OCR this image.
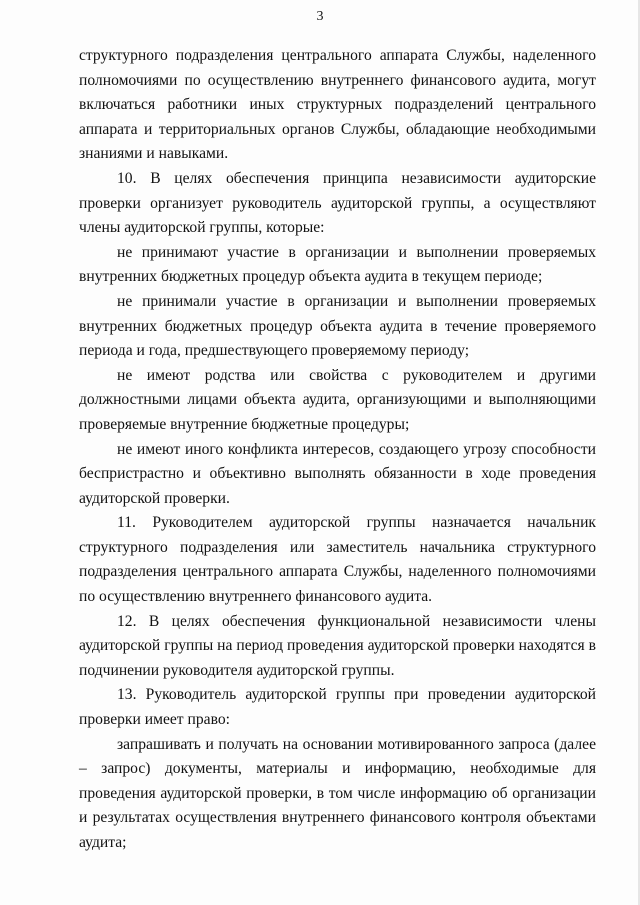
3

структурного подразделения центрального аппарата Службы, наделенного полномочиями по осуществлению внутреннего финансового аудита, могут включаться работники иных структурных подразделений центрального аппарата и территориальных органов Службы, обладающие необходимыми знаниями и навыками.

10. В целях обеспечения принципа независимости аудиторские проверки организует руководитель аудиторской группы, а осуществляют члены аудиторской группы, которые:

не принимают участие в организации и выполнении проверяемых внутренних бюджетных процедур объекта аудита в текущем периоде;

не принимали участие в организации и выполнении проверяемых внутренних бюджетных процедур объекта аудита в течение проверяемого периода и года, предшествующего проверяемому периоду;

не имеют родства или свойства с руководителем и другими должностными лицами объекта аудита, организующими и выполняющими проверяемые внутренние бюджетные процедуры;

не имеют иного конфликта интересов, создающего угрозу способности беспристрастно и объективно выполнять обязанности в ходе проведения аудиторской проверки.

11. Руководителем аудиторской группы назначается начальник структурного подразделения или заместитель начальника структурного подразделения центрального аппарата Службы, наделенного полномочиями по осуществлению внутреннего финансового аудита.

12. В целях обеспечения функциональной независимости члены аудиторской группы на период проведения аудиторской проверки находятся в подчинении руководителя аудиторской группы.

13. Руководитель аудиторской группы при проведении аудиторской проверки имеет право:

запрашивать и получать на основании мотивированного запроса (далее – запрос) документы, материалы и информацию, необходимые для проведения аудиторской проверки, в том числе информацию об организации и результатах осуществления внутреннего финансового контроля объектами аудита;
